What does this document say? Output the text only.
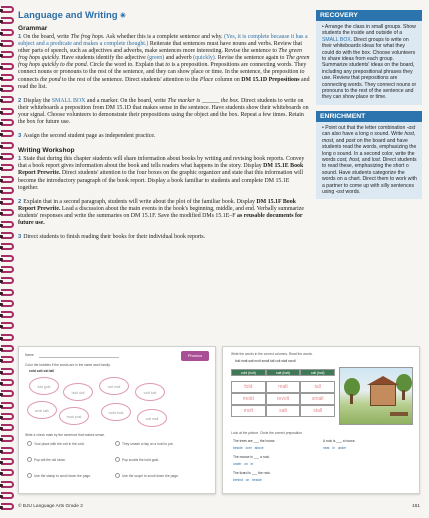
Language and Writing ✴
Grammar

1 On the board, write The frog hops. Ask whether this is a complete sentence and why. (Yes, it is complete because it has a subject and a predicate and makes a complete thought.) Reiterate that sentences must have nouns and verbs. Review that other parts of speech, such as adjectives and adverbs, make sentences more interesting. Revise the sentence to The green frog hops quickly. Have students identify the adjective (green) and adverb (quickly). Revise the sentence again to The green frog hops quickly to the pond. Circle the word to. Explain that to is a preposition. Prepositions are connecting words. They connect nouns or pronouns to the rest of the sentence, and they can show place or time. In the sentence, the preposition to connects the pond to the rest of the sentence. Direct students' attention to the Place column on DM 15.1D Prepositions and read the list.

2 Display the SMALL BOX and a marker. On the board, write The marker is ______ the box. Direct students to write on their whiteboards a preposition from DM 15.1D that makes sense in the sentence. Have students show their whiteboards on your signal. Choose volunteers to demonstrate their prepositions using the object and the box. Repeat a few times. Retain the box for future use.

3 Assign the second student page as independent practice.

Writing Workshop

1 State that during this chapter students will share information about books by writing and revising book reports. Convey that a book report gives information about the book and tells readers what happens in the story. Display DM 15.1E Book Report Prewrite. Direct students' attention to the four boxes on the graphic organizer and state that this information will become the introductory paragraph of the book report. Display a book familiar to students and complete DM 15.1E together.

2 Explain that in a second paragraph, students will write about the plot of the familiar book. Display DM 15.1F Book Report Prewrite. Lead a discussion about the main events in the book's beginning, middle, and end. Verbally summarize students' responses and write the summaries on DM 15.1F. Save the modified DMs 15.1E–F as reusable documents for future use.

3 Direct students to finish reading their books for their individual book reports.

RECOVERY
• Arrange the class in small groups. Show students the inside and outside of a SMALL BOX. Direct groups to write on their whiteboards ideas for what they could do with the box. Choose volunteers to share ideas from each group. Summarize students' ideas on the board, including any prepositional phrases they use. Review that prepositions are connecting words. They connect nouns or pronouns to the rest of the sentence and they can show place or time.
ENRICHMENT
• Point out that the letter combination -ost can also have a long o sound. Write host, most, and post on the board and have students read the words, emphasizing the long o sound. In a second color, write the words cost, frost, and lost. Direct students to read these, emphasizing the short o sound. Have students categorize the words on a chart. Direct them to work with a partner to come up with silly sentences using -ost words.
Phonics
Name
Color the bubbles if the words are in the same word family.
cold colt ost tall
told gold
hold dolt
colt molt
cold bolt
wroll salk
most post
mold bold
colt mall
Write a check mark by the sentence that makes sense.
Your place with the colt in the cold.	They smash a hay on a hold to put.
Pop will the old stove.	Pop scolds the bold goat.
Use the stamp to scroll down the page.	Use the scope to scroll down the page.
Write the words in the correct columns. Read the words.
fold malt salt molt small tall colt stall scroll
cold (bolt)	salt (halt)	call (ball)
fold	malt	tall
mold	revolt	small
molt	salt	stall
Look at the picture. Circle the correct preposition.
The trees are ___ the house.
beside over above
The mouse is ___ a rock.
under on in
The lizard is ___ the rock.
behind on beside
A rock is ___ a house.
near in under
© BJU Language Arts Grade 2	161
